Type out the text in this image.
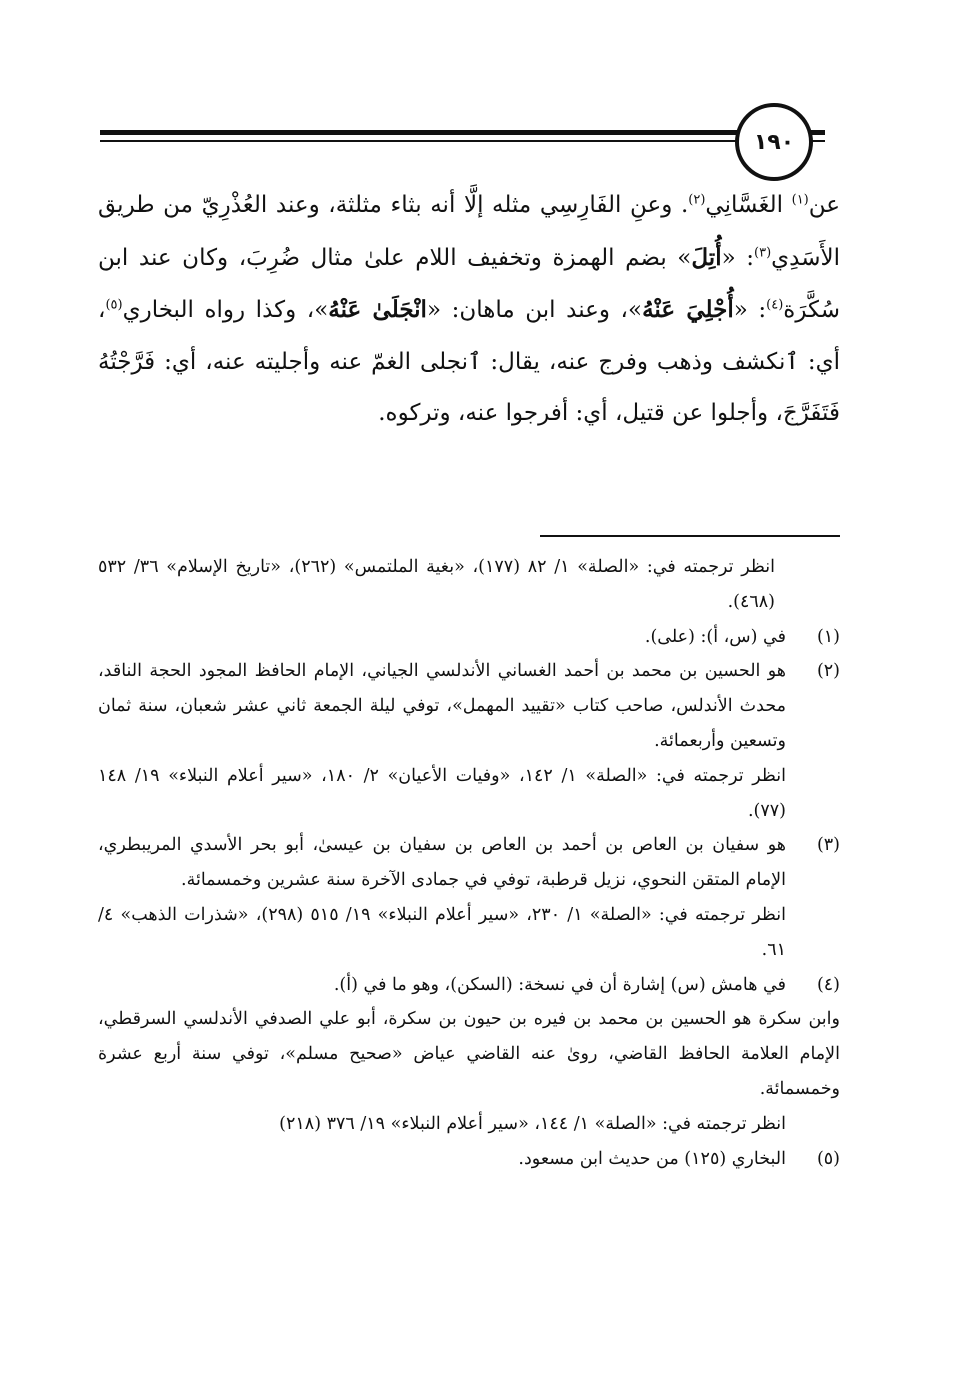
١٩٠

عن$^{(١)}$ الغَسَّانِي$^{(٢)}$. وعنِ الفَارِسِي مثله إلَّا أنه بثاء مثلثة، وعند العُذْرِيّ من طريق الأَسَدِي$^{(٣)}$: «أُتِلَ» بضم الهمزة وتخفيف اللام علىٰ مثال ضُرِبَ، وكان عند ابن سُكَّرَة$^{(٤)}$: «أُجْلِيَ عَنْهُ»، وعند ابن ماهان: «انْجَلَىٰ عَنْهُ»، وكذا رواه البخاري$^{(٥)}$، أي: ٱنكشف وذهب وفرج عنه، يقال: ٱنجلى الغمّ عنه وأجليته عنه، أي: فَرَّجْتُهُ فَتَفَرَّجَ، وأجلوا عن قتيل، أي: أفرجوا عنه، وتركوه.

انظر ترجمته في: «الصلة» ١/ ٨٢ (١٧٧)، «بغية الملتمس» (٢٦٢)، «تاريخ الإسلام» ٣٦/ ٥٣٢ (٤٦٨).

(١)

في (س، أ): (على).

(٢)

هو الحسين بن محمد بن أحمد الغساني الأندلسي الجياني، الإمام الحافظ المجود الحجة الناقد، محدث الأندلس، صاحب كتاب «تقييد المهمل»، توفي ليلة الجمعة ثاني عشر شعبان، سنة ثمان وتسعين وأربعمائة.

انظر ترجمته في: «الصلة» ١/ ١٤٢، «وفيات الأعيان» ٢/ ١٨٠، «سير أعلام النبلاء» ١٩/ ١٤٨ (٧٧).

(٣)

هو سفيان بن العاص بن أحمد بن العاص بن سفيان بن عيسىٰ، أبو بحر الأسدي المريبطري، الإمام المتقن النحوي، نزيل قرطبة، توفي في جمادى الآخرة سنة عشرين وخمسمائة.

انظر ترجمته في: «الصلة» ١/ ٢٣٠، «سير أعلام النبلاء» ١٩/ ٥١٥ (٢٩٨)، «شذرات الذهب» ٤/ ٦١.

(٤)

في هامش (س) إشارة أن في نسخة: (السكن)، وهو ما في (أ).

وابن سكرة هو الحسين بن محمد بن فيره بن حيون بن سكرة، أبو علي الصدفي الأندلسي السرقطي، الإمام العلامة الحافظ القاضي، روىٰ عنه القاضي عياض «صحيح مسلم»، توفي سنة أربع عشرة وخمسمائة.

انظر ترجمته في: «الصلة» ١/ ١٤٤، «سير أعلام النبلاء» ١٩/ ٣٧٦ (٢١٨)

(٥)

البخاري (١٢٥) من حديث ابن مسعود.
